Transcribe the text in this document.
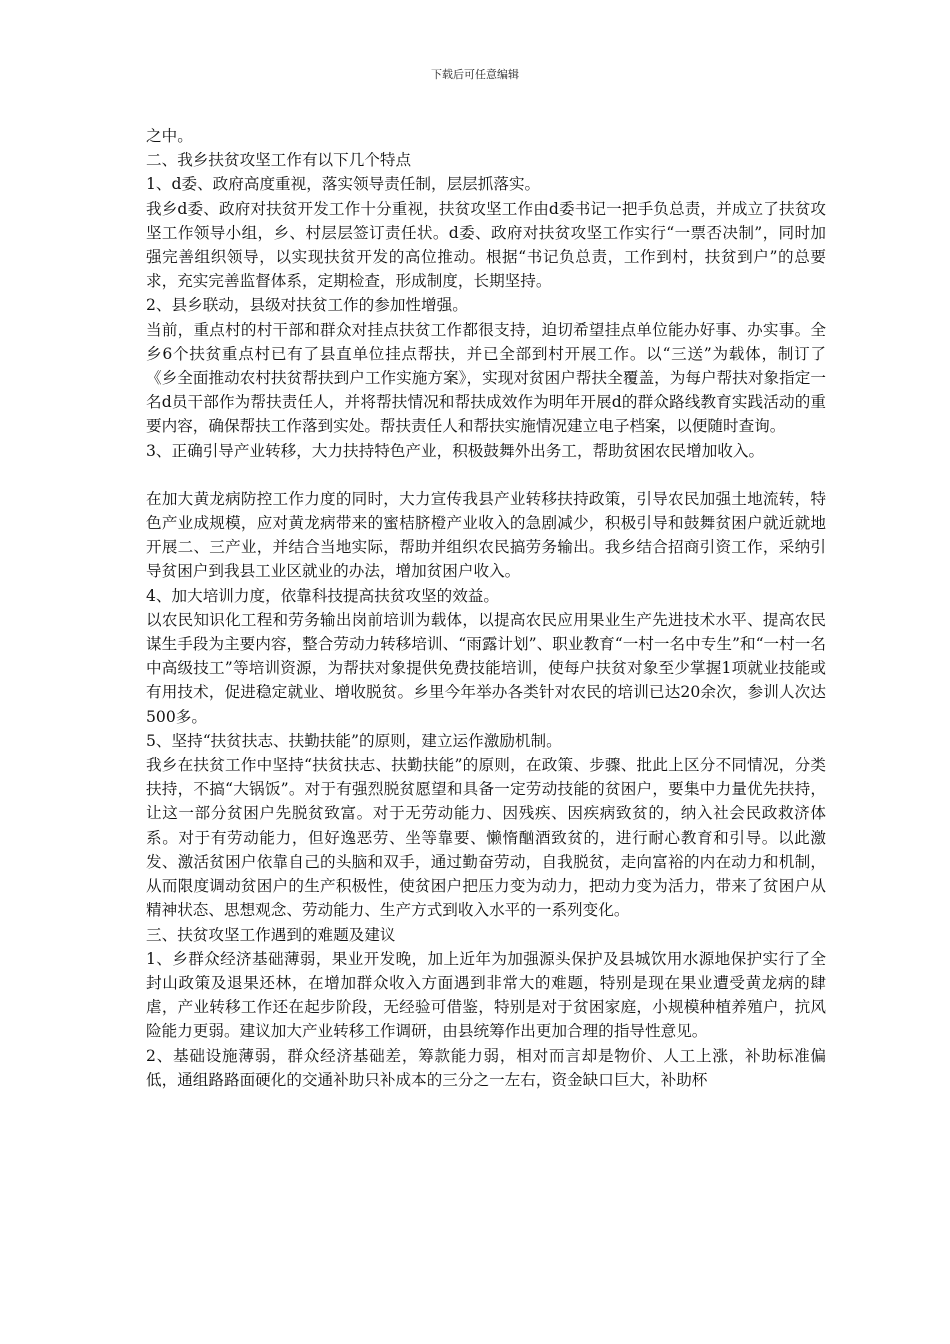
下载后可任意编辑

之中。

二、我乡扶贫攻坚工作有以下几个特点

1、d委、政府高度重视，落实领导责任制，层层抓落实。

我乡d委、政府对扶贫开发工作十分重视，扶贫攻坚工作由d委书记一把手负总责，并成立了扶贫攻坚工作领导小组，乡、村层层签订责任状。d委、政府对扶贫攻坚工作实行“一票否决制”，同时加强完善组织领导，以实现扶贫开发的高位推动。根据“书记负总责，工作到村，扶贫到户”的总要求，充实完善监督体系，定期检查，形成制度，长期坚持。

2、县乡联动，县级对扶贫工作的参加性增强。

当前，重点村的村干部和群众对挂点扶贫工作都很支持，迫切希望挂点单位能办好事、办实事。全乡6个扶贫重点村已有了县直单位挂点帮扶，并已全部到村开展工作。以“三送”为载体，制订了《乡全面推动农村扶贫帮扶到户工作实施方案》，实现对贫困户帮扶全覆盖，为每户帮扶对象指定一名d员干部作为帮扶责任人，并将帮扶情况和帮扶成效作为明年开展d的群众路线教育实践活动的重要内容，确保帮扶工作落到实处。帮扶责任人和帮扶实施情况建立电子档案，以便随时查询。

3、正确引导产业转移，大力扶持特色产业，积极鼓舞外出务工，帮助贫困农民增加收入。

在加大黄龙病防控工作力度的同时，大力宣传我县产业转移扶持政策，引导农民加强土地流转，特色产业成规模，应对黄龙病带来的蜜桔脐橙产业收入的急剧减少，积极引导和鼓舞贫困户就近就地开展二、三产业，并结合当地实际，帮助并组织农民搞劳务输出。我乡结合招商引资工作，采纳引导贫困户到我县工业区就业的办法，增加贫困户收入。

4、加大培训力度，依靠科技提高扶贫攻坚的效益。

以农民知识化工程和劳务输出岗前培训为载体，以提高农民应用果业生产先进技术水平、提高农民谋生手段为主要内容，整合劳动力转移培训、“雨露计划”、职业教育“一村一名中专生”和“一村一名中高级技工”等培训资源，为帮扶对象提供免费技能培训，使每户扶贫对象至少掌握1项就业技能或有用技术，促进稳定就业、增收脱贫。乡里今年举办各类针对农民的培训已达20余次，参训人次达500多。

5、坚持“扶贫扶志、扶勤扶能”的原则，建立运作激励机制。

我乡在扶贫工作中坚持“扶贫扶志、扶勤扶能”的原则，在政策、步骤、批此上区分不同情况，分类扶持，不搞“大锅饭”。对于有强烈脱贫愿望和具备一定劳动技能的贫困户，要集中力量优先扶持，让这一部分贫困户先脱贫致富。对于无劳动能力、因残疾、因疾病致贫的，纳入社会民政救济体系。对于有劳动能力，但好逸恶劳、坐等靠要、懒惰酗酒致贫的，进行耐心教育和引导。以此激发、激活贫困户依靠自己的头脑和双手，通过勤奋劳动，自我脱贫，走向富裕的内在动力和机制，从而限度调动贫困户的生产积极性，使贫困户把压力变为动力，把动力变为活力，带来了贫困户从精神状态、思想观念、劳动能力、生产方式到收入水平的一系列变化。

三、扶贫攻坚工作遇到的难题及建议

1、乡群众经济基础薄弱，果业开发晚，加上近年为加强源头保护及县城饮用水源地保护实行了全封山政策及退果还林，在增加群众收入方面遇到非常大的难题，特别是现在果业遭受黄龙病的肆虐，产业转移工作还在起步阶段，无经验可借鉴，特别是对于贫困家庭，小规模种植养殖户，抗风险能力更弱。建议加大产业转移工作调研，由县统筹作出更加合理的指导性意见。

2、基础设施薄弱，群众经济基础差，筹款能力弱，相对而言却是物价、人工上涨，补助标准偏低，通组路路面硬化的交通补助只补成本的三分之一左右，资金缺口巨大，补助杯
